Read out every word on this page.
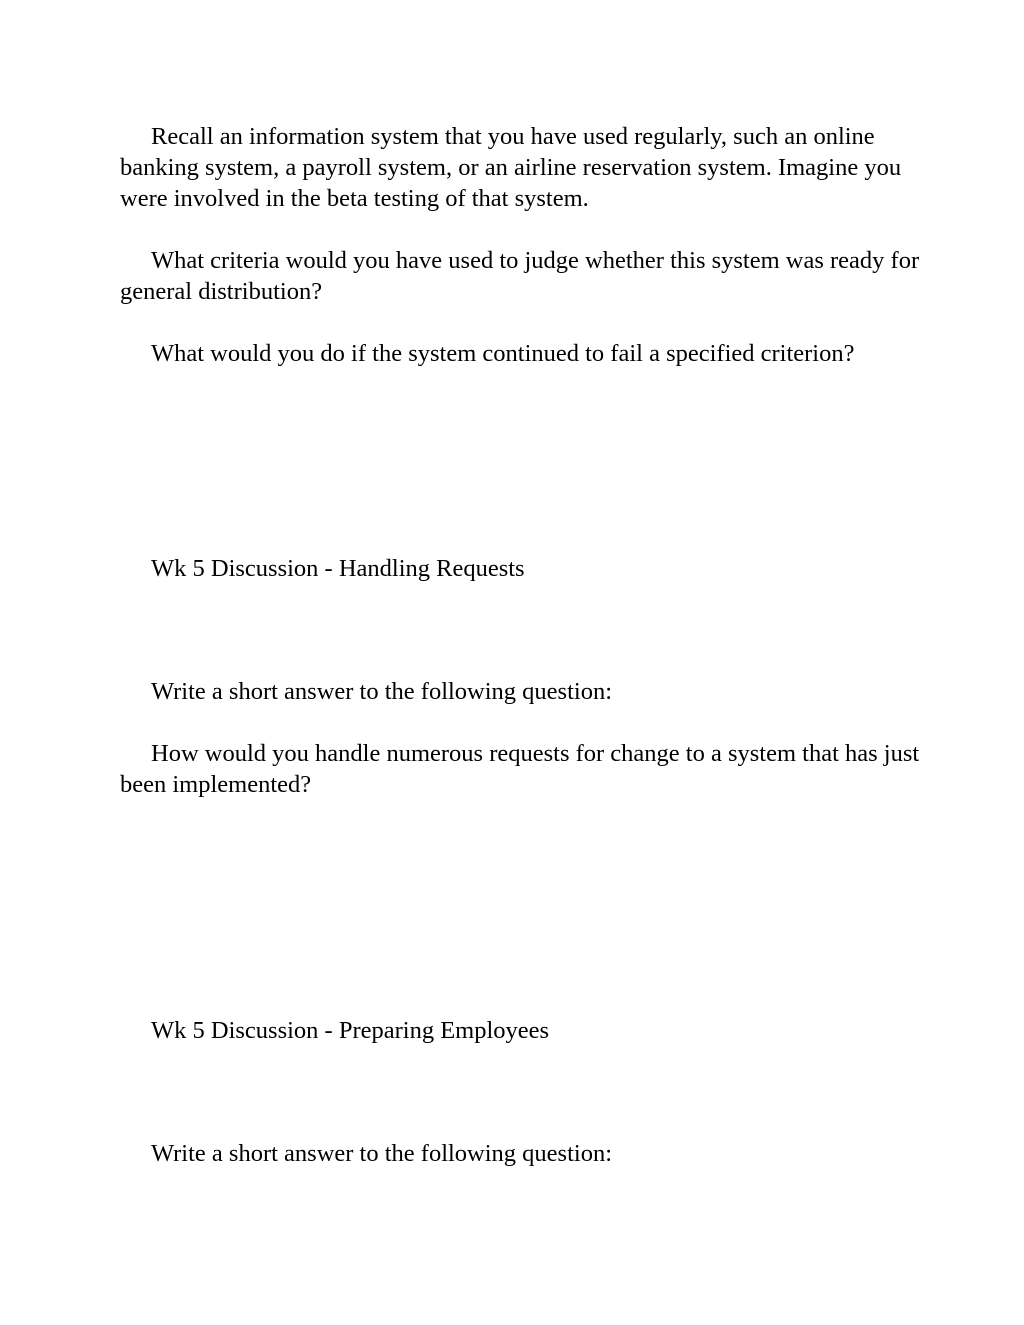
Recall an information system that you have used regularly, such an online banking system, a payroll system, or an airline reservation system. Imagine you were involved in the beta testing of that system.

What criteria would you have used to judge whether this system was ready for general distribution?

What would you do if the system continued to fail a specified criterion?

Wk 5 Discussion - Handling Requests

Write a short answer to the following question:

How would you handle numerous requests for change to a system that has just been implemented?

Wk 5 Discussion - Preparing Employees

Write a short answer to the following question:
